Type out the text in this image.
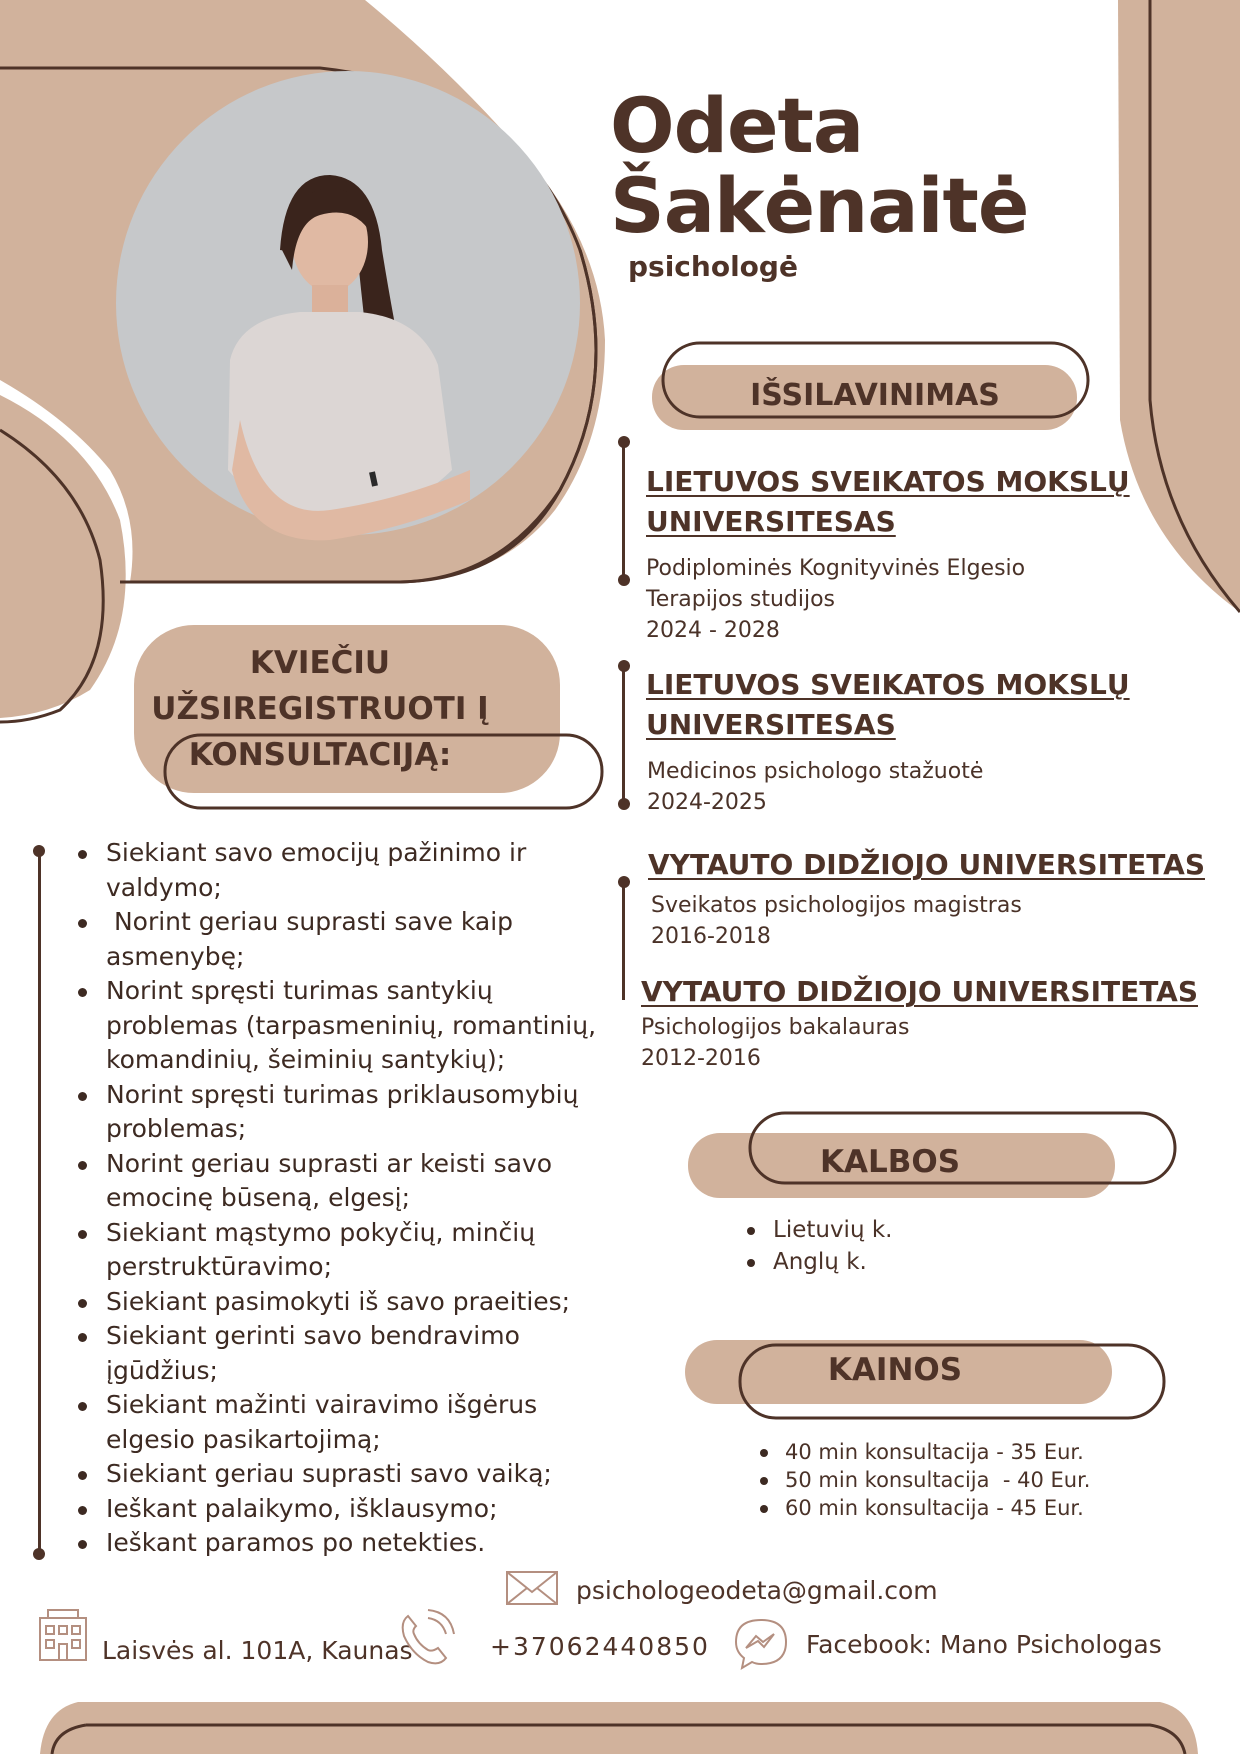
Odeta
Šakėnaitė
psichologė
KVIEČIU
UŽSIREGISTRUOTI Į
KONSULTACIJĄ:
Siekiant savo emocijų pažinimo ir
valdymo;
Norint geriau suprasti save kaip
asmenybę;
Norint spręsti turimas santykių
problemas (tarpasmeninių, romantinių,
komandinių, šeiminių santykių);
Norint spręsti turimas priklausomybių
problemas;
Norint geriau suprasti ar keisti savo
emocinę būseną, elgesį;
Siekiant mąstymo pokyčių, minčių
perstruktūravimo;
Siekiant pasimokyti iš savo praeities;
Siekiant gerinti savo bendravimo
įgūdžius;
Siekiant mažinti vairavimo išgėrus
elgesio pasikartojimą;
Siekiant geriau suprasti savo vaiką;
Ieškant palaikymo, išklausymo;
Ieškant paramos po netekties.
IŠSILAVINIMAS
LIETUVOS SVEIKATOS MOKSLŲ
UNIVERSITESAS
Podiplominės Kognityvinės Elgesio
Terapijos studijos
2024 - 2028
LIETUVOS SVEIKATOS MOKSLŲ
UNIVERSITESAS
Medicinos psichologo stažuotė
2024-2025
VYTAUTO DIDŽIOJO UNIVERSITETAS
Sveikatos psichologijos magistras
2016-2018
VYTAUTO DIDŽIOJO UNIVERSITETAS
Psichologijos bakalauras
2012-2016
KALBOS
Lietuvių k.
Anglų k.
KAINOS
40 min konsultacija - 35 Eur.
50 min konsultacija  - 40 Eur.
60 min konsultacija - 45 Eur.
psichologeodeta@gmail.com
Laisvės al. 101A, Kaunas	+37062440850	Facebook: Mano Psichologas
